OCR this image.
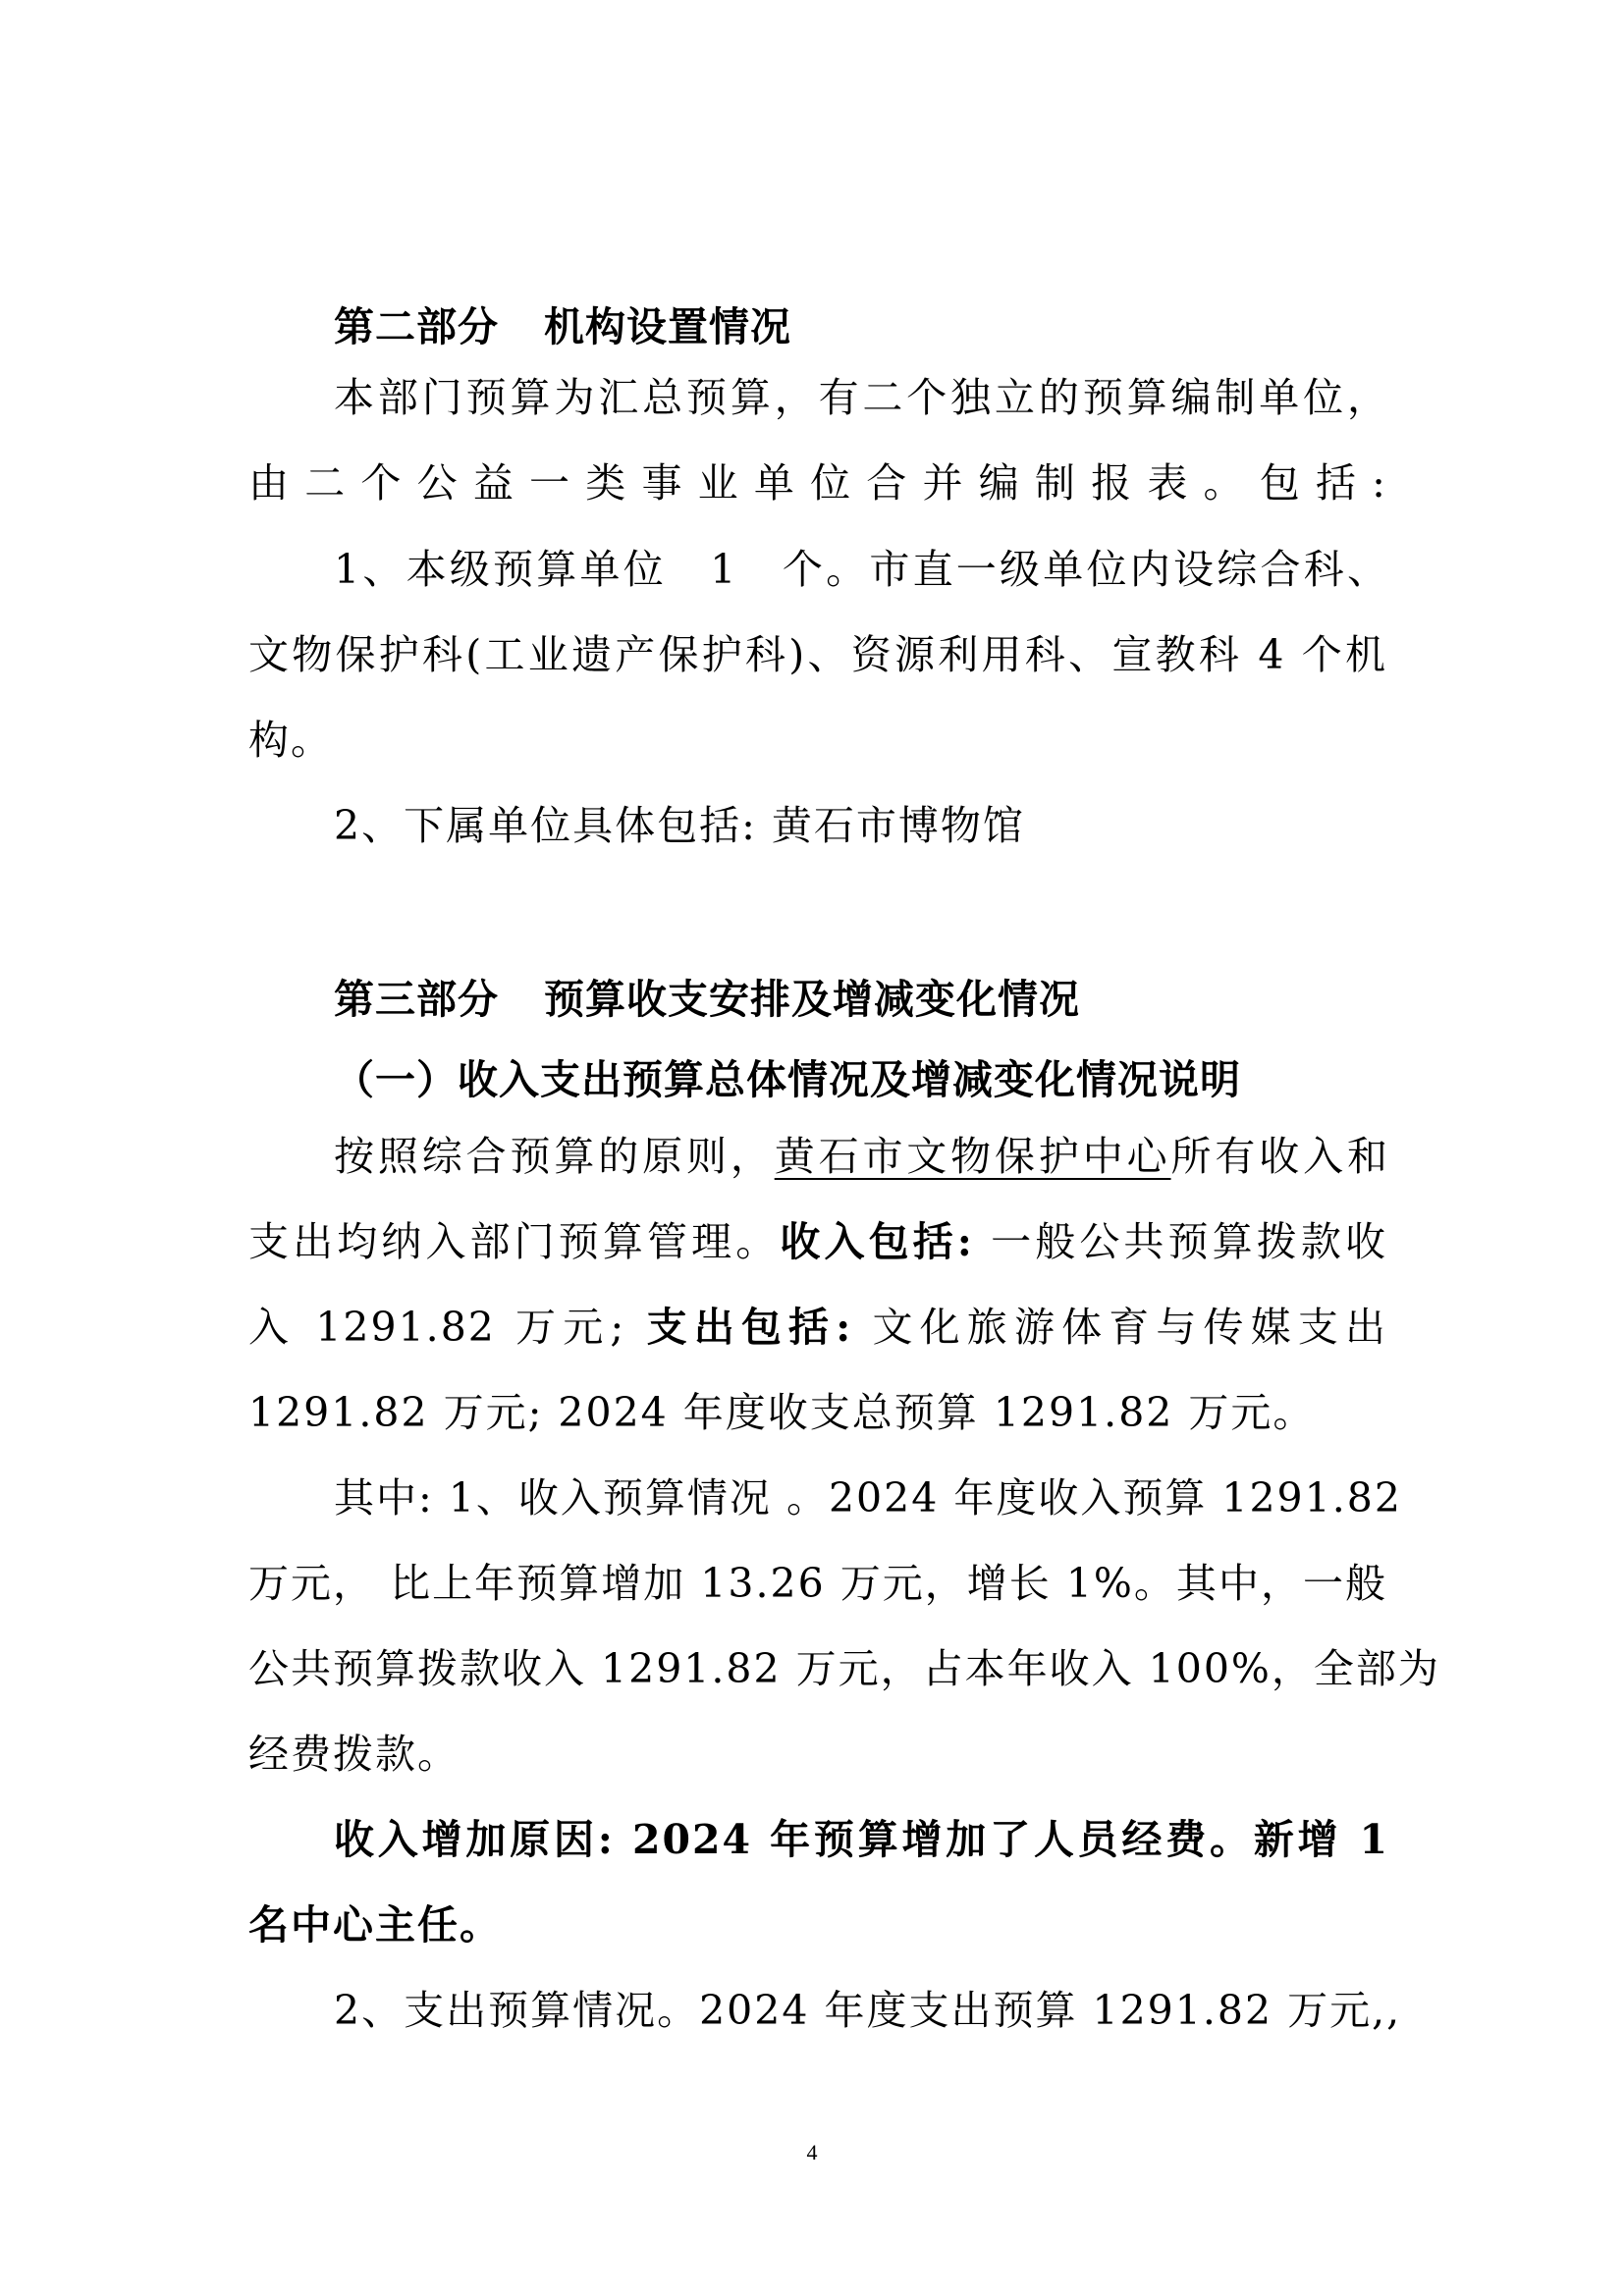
第二部分 机构设置情况
本部门预算为汇总预算，有二个独立的预算编制单位，
由二个公益一类事业单位合并编制报表。包括:
1、本级预算单位　1　个。市直一级单位内设综合科、
文物保护科(工业遗产保护科)、资源利用科、宣教科 4 个机
构。
2、下属单位具体包括: 黄石市博物馆
第三部分 预算收支安排及增减变化情况
（一）收入支出预算总体情况及增减变化情况说明
按照综合预算的原则，黄石市文物保护中心所有收入和
支出均纳入部门预算管理。收入包括: 一般公共预算拨款收
入 1291.82 万元; 支出包括: 文化旅游体育与传媒支出
1291.82 万元; 2024 年度收支总预算 1291.82 万元。
其中: 1、收入预算情况 。2024 年度收入预算 1291.82
万元， 比上年预算增加 13.26 万元，增长 1%。其中，一般
公共预算拨款收入 1291.82 万元，占本年收入 100%，全部为
经费拨款。
收入增加原因: 2024 年预算增加了人员经费。新增 1
名中心主任。
2、支出预算情况。2024 年度支出预算 1291.82 万元,,
4
